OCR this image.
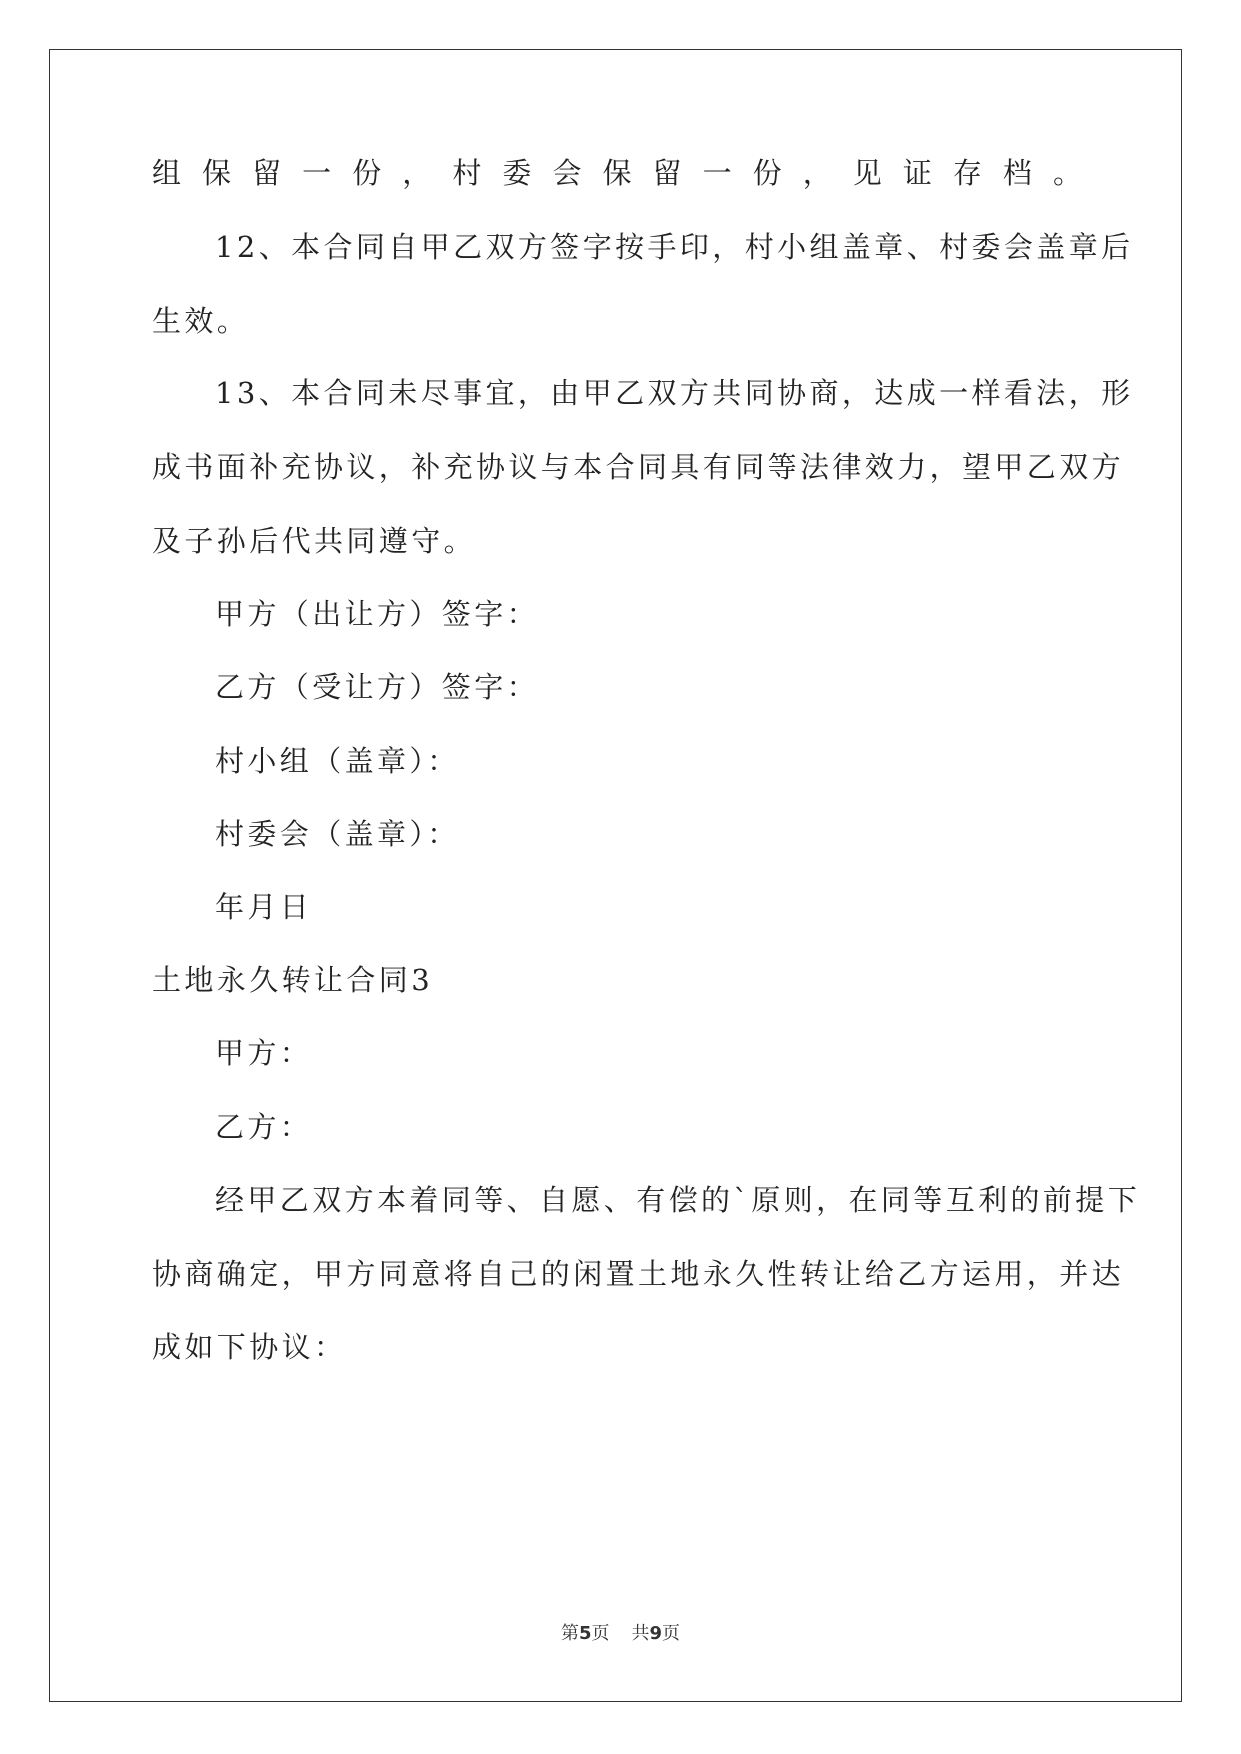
组保留一份，村委会保留一份，见证存档。
12、本合同自甲乙双方签字按手印，村小组盖章、村委会盖章后
生效。
13、本合同未尽事宜，由甲乙双方共同协商，达成一样看法，形
成书面补充协议，补充协议与本合同具有同等法律效力，望甲乙双方
及子孙后代共同遵守。
甲方（出让方）签字：
乙方（受让方）签字：
村小组（盖章）：
村委会（盖章）：
年月日
土地永久转让合同3
甲方：
乙方：
经甲乙双方本着同等、自愿、有偿的`原则，在同等互利的前提下
协商确定，甲方同意将自己的闲置土地永久性转让给乙方运用，并达
成如下协议：
第5页 共9页
